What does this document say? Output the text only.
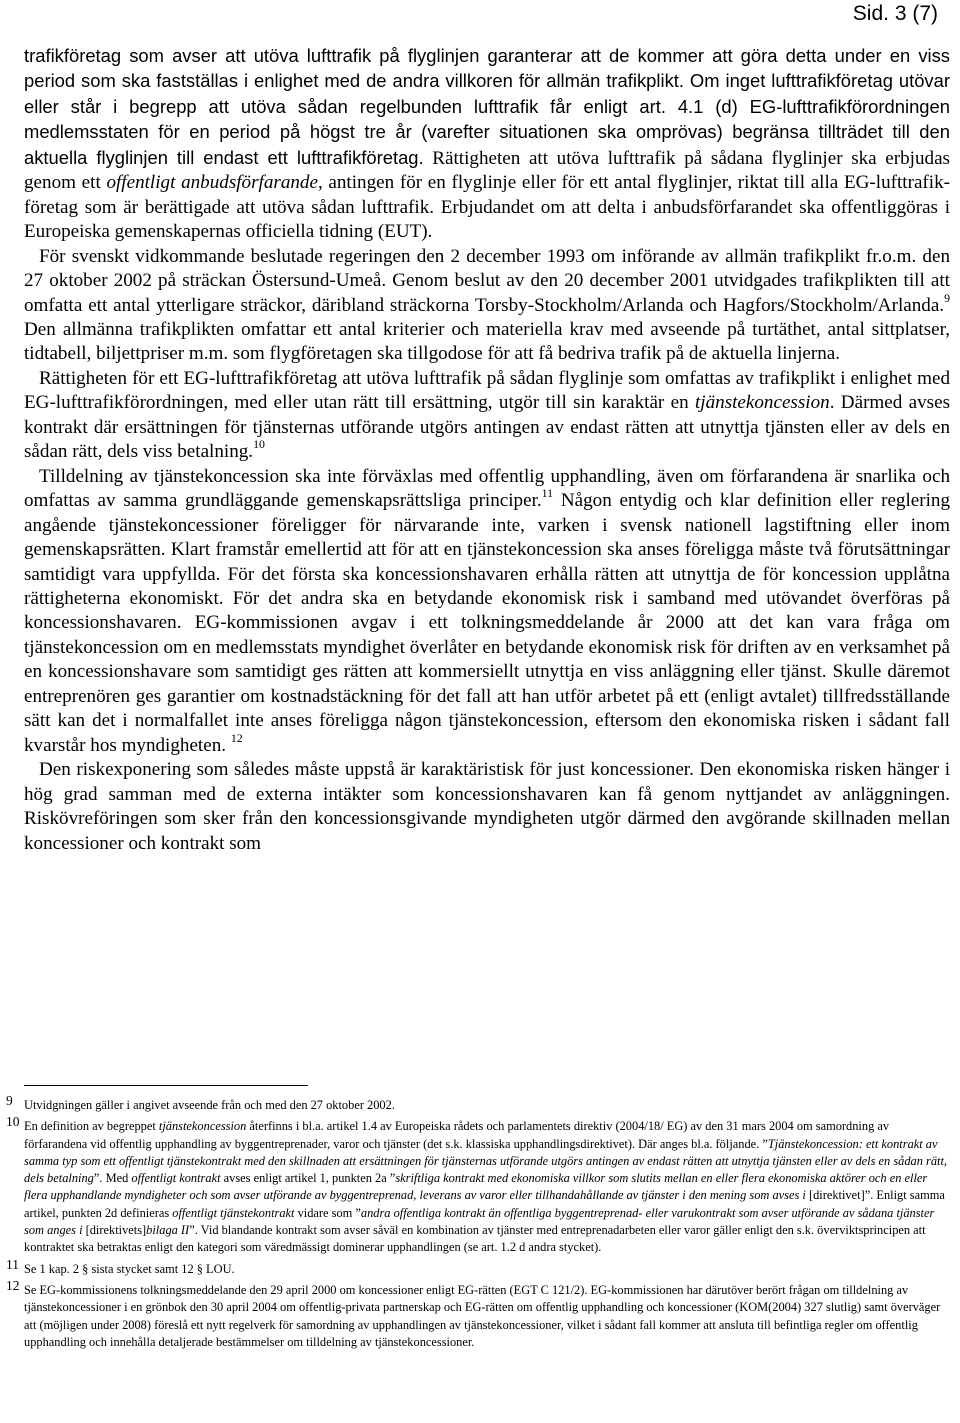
Sid. 3 (7)

trafikföretag som avser att utöva lufttrafik på flyglinjen garanterar att de kommer att göra detta under en viss period som ska fastställas i enlighet med de andra villkoren för allmän trafikplikt. Om inget lufttrafikföretag utövar eller står i begrepp att utöva sådan regelbunden lufttrafik får enligt art. 4.1 (d) EG-lufttrafikförordningen medlemsstaten för en period på högst tre år (varefter situationen ska omprövas) begränsa tillträdet till den aktuella flyglinjen till endast ett lufttrafikföretag. Rättigheten att utöva lufttrafik på sådana flyglinjer ska erbjudas genom ett offentligt anbudsförfarande, antingen för en flyglinje eller för ett antal flyglinjer, riktat till alla EG-lufttrafikföretag som är berättigade att utöva sådan lufttrafik. Erbjudandet om att delta i anbudsförfarandet ska offentliggöras i Europeiska gemenskapernas officiella tidning (EUT).

För svenskt vidkommande beslutade regeringen den 2 december 1993 om införande av allmän trafikplikt fr.o.m. den 27 oktober 2002 på sträckan Östersund-Umeå. Genom beslut av den 20 december 2001 utvidgades trafikplikten till att omfatta ett antal ytterligare sträckor, däribland sträckorna Torsby-Stockholm/Arlanda och Hagfors/Stockholm/Arlanda.$^9$ Den allmänna trafikplikten omfattar ett antal kriterier och materiella krav med avseende på turtäthet, antal sittplatser, tidtabell, biljettpriser m.m. som flygföretagen ska tillgodose för att få bedriva trafik på de aktuella linjerna.

Rättigheten för ett EG-lufttrafikföretag att utöva lufttrafik på sådan flyglinje som omfattas av trafikplikt i enlighet med EG-lufttrafikförordningen, med eller utan rätt till ersättning, utgör till sin karaktär en tjänstekoncession. Därmed avses kontrakt där ersättningen för tjänsternas utförande utgörs antingen av endast rätten att utnyttja tjänsten eller av dels en sådan rätt, dels viss betalning.$^{10}$

Tilldelning av tjänstekoncession ska inte förväxlas med offentlig upphandling, även om förfarandena är snarlika och omfattas av samma grundläggande gemenskapsrättsliga principer.$^{11}$ Någon entydig och klar definition eller reglering angående tjänstekoncessioner föreligger för närvarande inte, varken i svensk nationell lagstiftning eller inom gemenskapsrätten. Klart framstår emellertid att för att en tjänstekoncession ska anses föreligga måste två förutsättningar samtidigt vara uppfyllda. För det första ska koncessionshavaren erhålla rätten att utnyttja de för koncession upplåtna rättigheterna ekonomiskt. För det andra ska en betydande ekonomisk risk i samband med utövandet överföras på koncessionshavaren. EG-kommissionen avgav i ett tolkningsmeddelande år 2000 att det kan vara fråga om tjänstekoncession om en medlemsstats myndighet överlåter en betydande ekonomisk risk för driften av en verksamhet på en koncessionshavare som samtidigt ges rätten att kommersiellt utnyttja en viss anläggning eller tjänst. Skulle däremot entreprenören ges garantier om kostnadstäckning för det fall att han utför arbetet på ett (enligt avtalet) tillfredsställande sätt kan det i normalfallet inte anses föreligga någon tjänstekoncession, eftersom den ekonomiska risken i sådant fall kvarstår hos myndigheten. $^{12}$

Den riskexponering som således måste uppstå är karaktäristisk för just koncessioner. Den ekonomiska risken hänger i hög grad samman med de externa intäkter som koncessionshavaren kan få genom nyttjandet av anläggningen. Riskövreföringen som sker från den koncessionsgivande myndigheten utgör därmed den avgörande skillnaden mellan koncessioner och kontrakt som

9 Utvidgningen gäller i angivet avseende från och med den 27 oktober 2002.
10 En definition av begreppet tjänstekoncession återfinns i bl.a. artikel 1.4 av Europeiska rådets och parlamentets direktiv (2004/18/ EG) av den 31 mars 2004 om samordning av förfarandena vid offentlig upphandling av byggentreprenader, varor och tjänster (det s.k. klassiska upphandlingsdirektivet). Där anges bl.a. följande. ”Tjänstekoncession: ett kontrakt av samma typ som ett offentligt tjänstekontrakt med den skillnaden att ersättningen för tjänsternas utförande utgörs antingen av endast rätten att utnyttja tjänsten eller av dels en sådan rätt, dels betalning”. Med offentligt kontrakt avses enligt artikel 1, punkten 2a ”skriftliga kontrakt med ekonomiska villkor som slutits mellan en eller flera ekonomiska aktörer och en eller flera upphandlande myndigheter och som avser utförande av byggentreprenad, leverans av varor eller tillhandahållande av tjänster i den mening som avses i [direktivet]”. Enligt samma artikel, punkten 2d definieras offentligt tjänstekontrakt vidare som ”andra offentliga kontrakt än offentliga byggentreprenad- eller varukontrakt som avser utförande av sådana tjänster som anges i [direktivets]bilaga II”. Vid blandande kontrakt som avser såväl en kombination av tjänster med entreprenadarbeten eller varor gäller enligt den s.k. överviktsprincipen att kontraktet ska betraktas enligt den kategori som väredmässigt dominerar upphandlingen (se art. 1.2 d andra stycket).
11 Se 1 kap. 2 § sista stycket samt 12 § LOU.
12 Se EG-kommissionens tolkningsmeddelande den 29 april 2000 om koncessioner enligt EG-rätten (EGT C 121/2). EG-kommissionen har därutöver berört frågan om tilldelning av tjänstekoncessioner i en grönbok den 30 april 2004 om offentlig-privata partnerskap och EG-rätten om offentlig upphandling och koncessioner (KOM(2004) 327 slutlig) samt överväger att (möjligen under 2008) föreslå ett nytt regelverk för samordning av upphandlingen av tjänstekoncessioner, vilket i sådant fall kommer att ansluta till befintliga regler om offentlig upphandling och innehålla detaljerade bestämmelser om tilldelning av tjänstekoncessioner.
